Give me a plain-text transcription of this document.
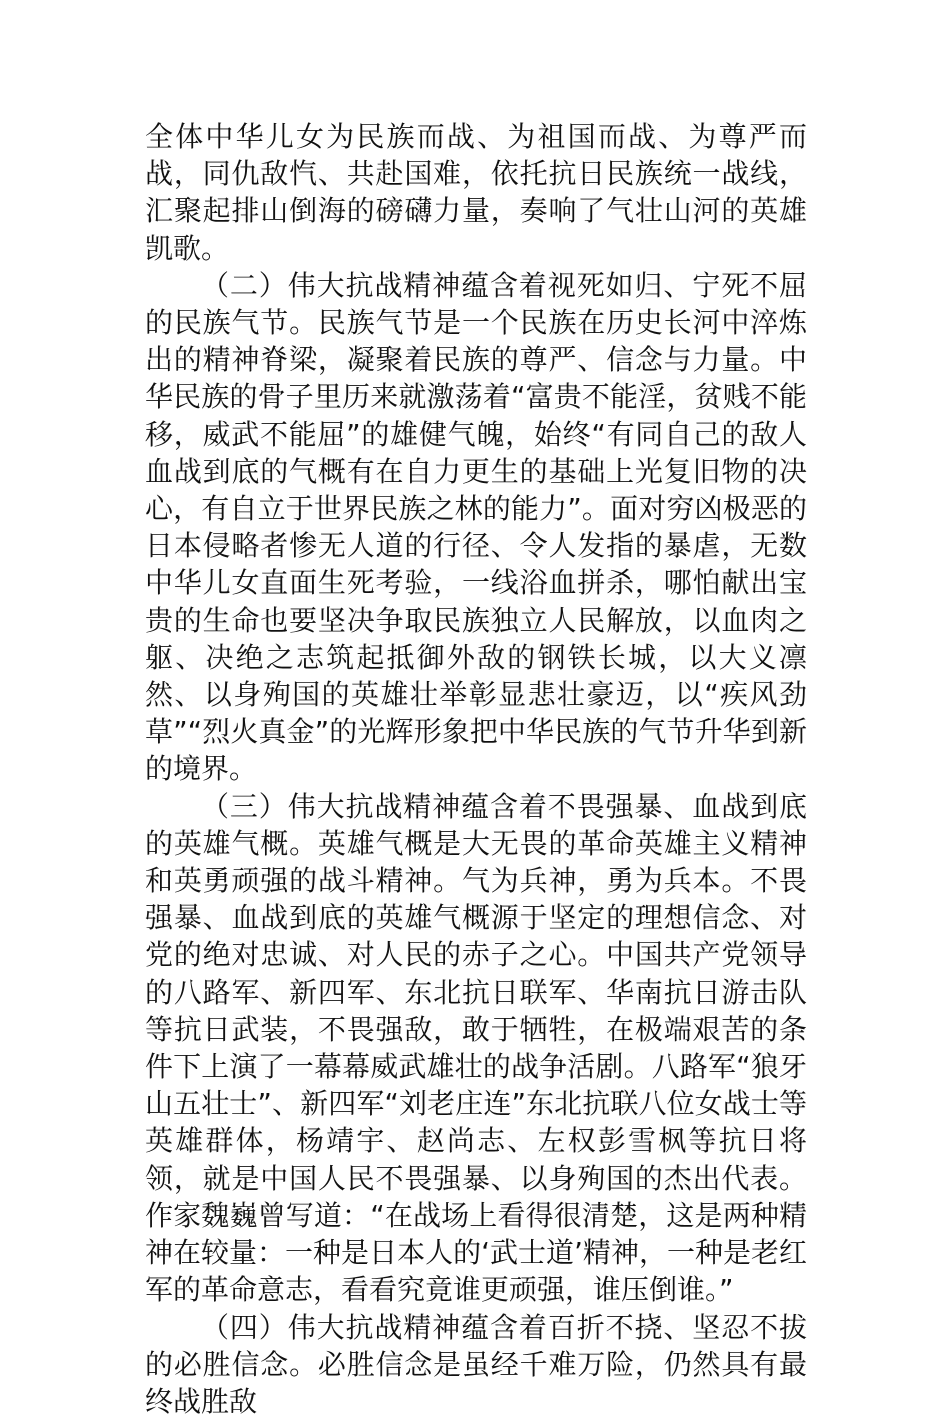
全体中华儿女为民族而战、为祖国而战、为尊严而战，同仇敌忾、共赴国难，依托抗日民族统一战线，汇聚起排山倒海的磅礴力量，奏响了气壮山河的英雄凯歌。

（二）伟大抗战精神蕴含着视死如归、宁死不屈的民族气节。民族气节是一个民族在历史长河中淬炼出的精神脊梁，凝聚着民族的尊严、信念与力量。中华民族的骨子里历来就激荡着“富贵不能淫，贫贱不能移，威武不能屈”的雄健气魄，始终“有同自己的敌人血战到底的气概有在自力更生的基础上光复旧物的决心，有自立于世界民族之林的能力”。面对穷凶极恶的日本侵略者惨无人道的行径、令人发指的暴虐，无数中华儿女直面生死考验，一线浴血拼杀，哪怕献出宝贵的生命也要坚决争取民族独立人民解放，以血肉之躯、决绝之志筑起抵御外敌的钢铁长城，以大义凛然、以身殉国的英雄壮举彰显悲壮豪迈，以“疾风劲草”“烈火真金”的光辉形象把中华民族的气节升华到新的境界。

（三）伟大抗战精神蕴含着不畏强暴、血战到底的英雄气概。英雄气概是大无畏的革命英雄主义精神和英勇顽强的战斗精神。气为兵神，勇为兵本。不畏强暴、血战到底的英雄气概源于坚定的理想信念、对党的绝对忠诚、对人民的赤子之心。中国共产党领导的八路军、新四军、东北抗日联军、华南抗日游击队等抗日武装，不畏强敌，敢于牺牲，在极端艰苦的条件下上演了一幕幕威武雄壮的战争活剧。八路军“狼牙山五壮士”、新四军“刘老庄连”东北抗联八位女战士等英雄群体，杨靖宇、赵尚志、左权彭雪枫等抗日将领，就是中国人民不畏强暴、以身殉国的杰出代表。作家魏巍曾写道：“在战场上看得很清楚，这是两种精神在较量：一种是日本人的‘武士道’精神，一种是老红军的革命意志，看看究竟谁更顽强，谁压倒谁。”

（四）伟大抗战精神蕴含着百折不挠、坚忍不拔的必胜信念。必胜信念是虽经千难万险，仍然具有最终战胜敌
